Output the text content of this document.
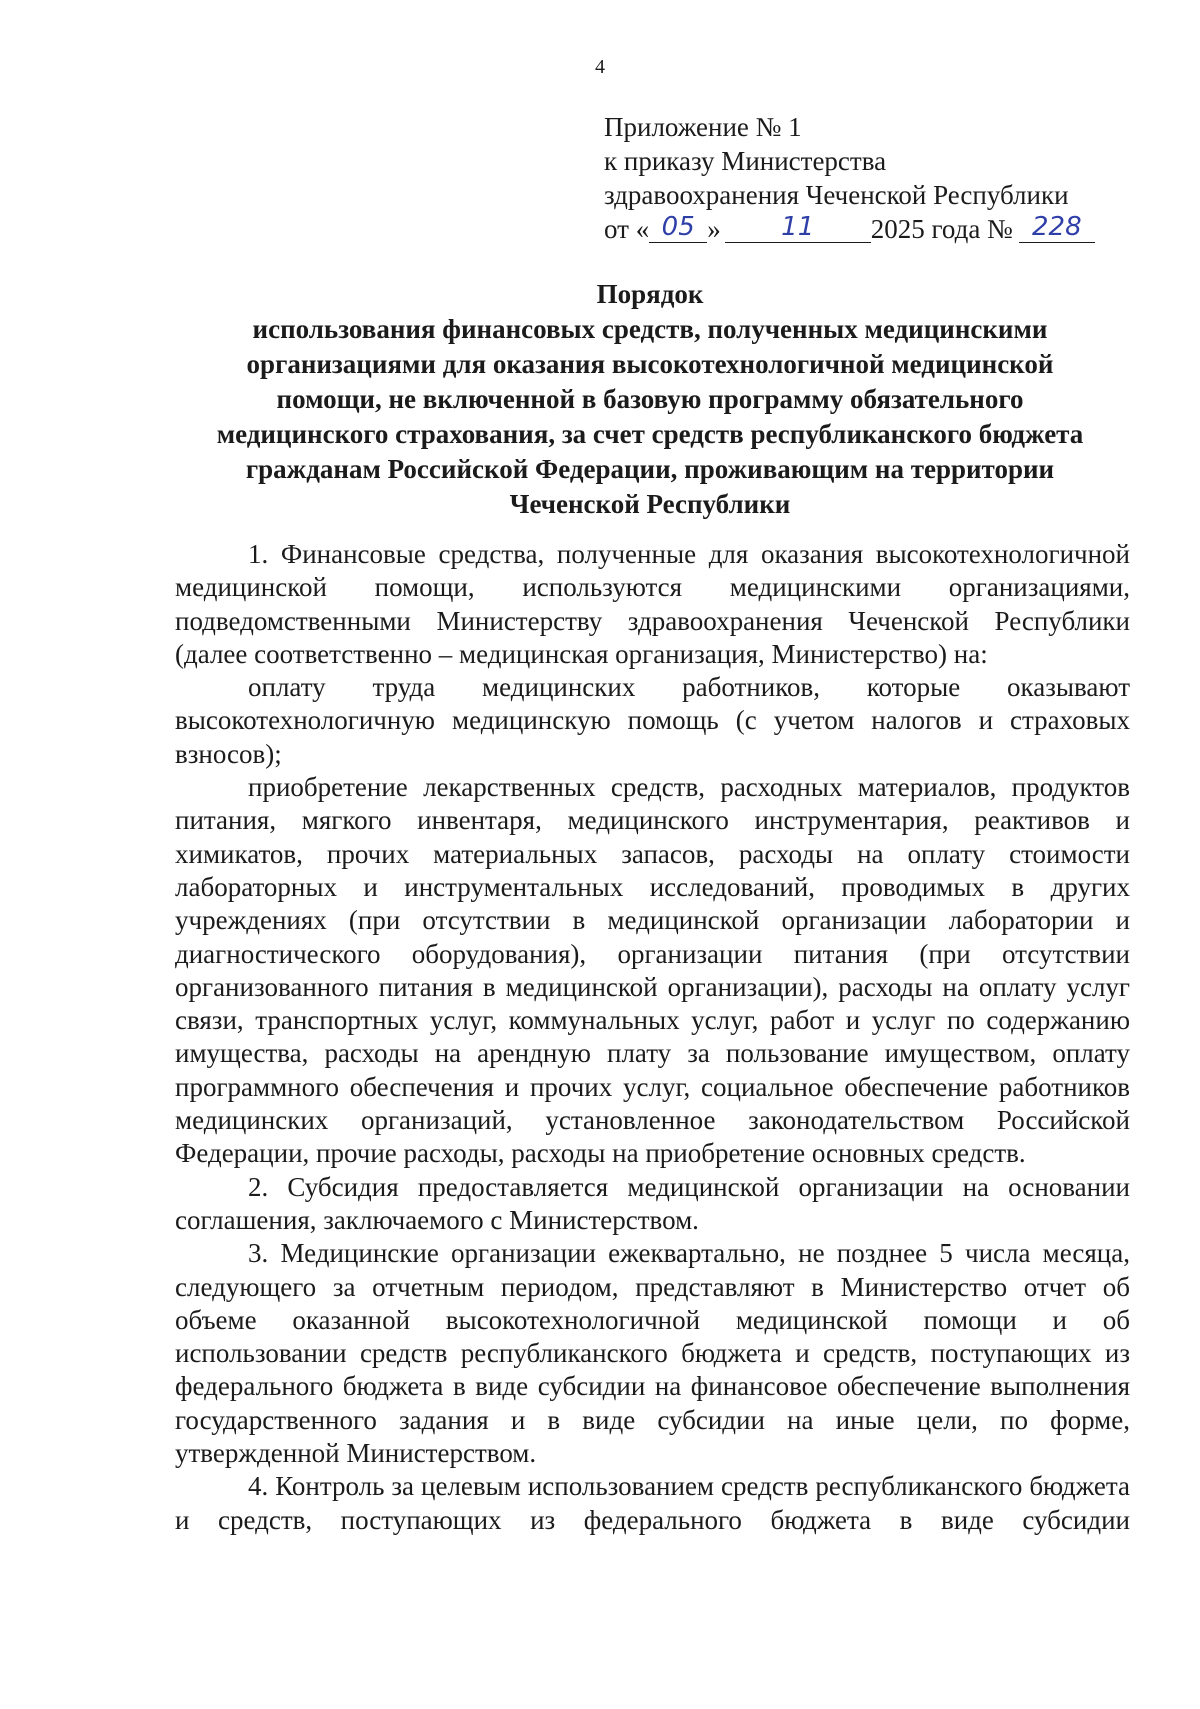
4
Приложение № 1
к приказу Министерства
здравоохранения Чеченской Республики
от « 05 » 11 2025 года № 228
Порядок
использования финансовых средств, полученных медицинскими
организациями для оказания высокотехнологичной медицинской
помощи, не включенной в базовую программу обязательного
медицинского страхования, за счет средств республиканского бюджета
гражданам Российской Федерации, проживающим на территории
Чеченской Республики

1. Финансовые средства, полученные для оказания высокотехнологичной медицинской помощи, используются медицинскими организациями, подведомственными Министерству здравоохранения Чеченской Республики (далее соответственно – медицинская организация, Министерство) на:

оплату труда медицинских работников, которые оказывают высокотехнологичную медицинскую помощь (с учетом налогов и страховых взносов);

приобретение лекарственных средств, расходных материалов, продуктов питания, мягкого инвентаря, медицинского инструментария, реактивов и химикатов, прочих материальных запасов, расходы на оплату стоимости лабораторных и инструментальных исследований, проводимых в других учреждениях (при отсутствии в медицинской организации лаборатории и диагностического оборудования), организации питания (при отсутствии организованного питания в медицинской организации), расходы на оплату услуг связи, транспортных услуг, коммунальных услуг, работ и услуг по содержанию имущества, расходы на арендную плату за пользование имуществом, оплату программного обеспечения и прочих услуг, социальное обеспечение работников медицинских организаций, установленное законодательством Российской Федерации, прочие расходы, расходы на приобретение основных средств.

2. Субсидия предоставляется медицинской организации на основании соглашения, заключаемого с Министерством.

3. Медицинские организации ежеквартально, не позднее 5 числа месяца, следующего за отчетным периодом, представляют в Министерство отчет об объеме оказанной высокотехнологичной медицинской помощи и об использовании средств республиканского бюджета и средств, поступающих из федерального бюджета в виде субсидии на финансовое обеспечение выполнения государственного задания и в виде субсидии на иные цели, по форме, утвержденной Министерством.

4. Контроль за целевым использованием средств республиканского бюджета и средств, поступающих из федерального бюджета в виде субсидии
